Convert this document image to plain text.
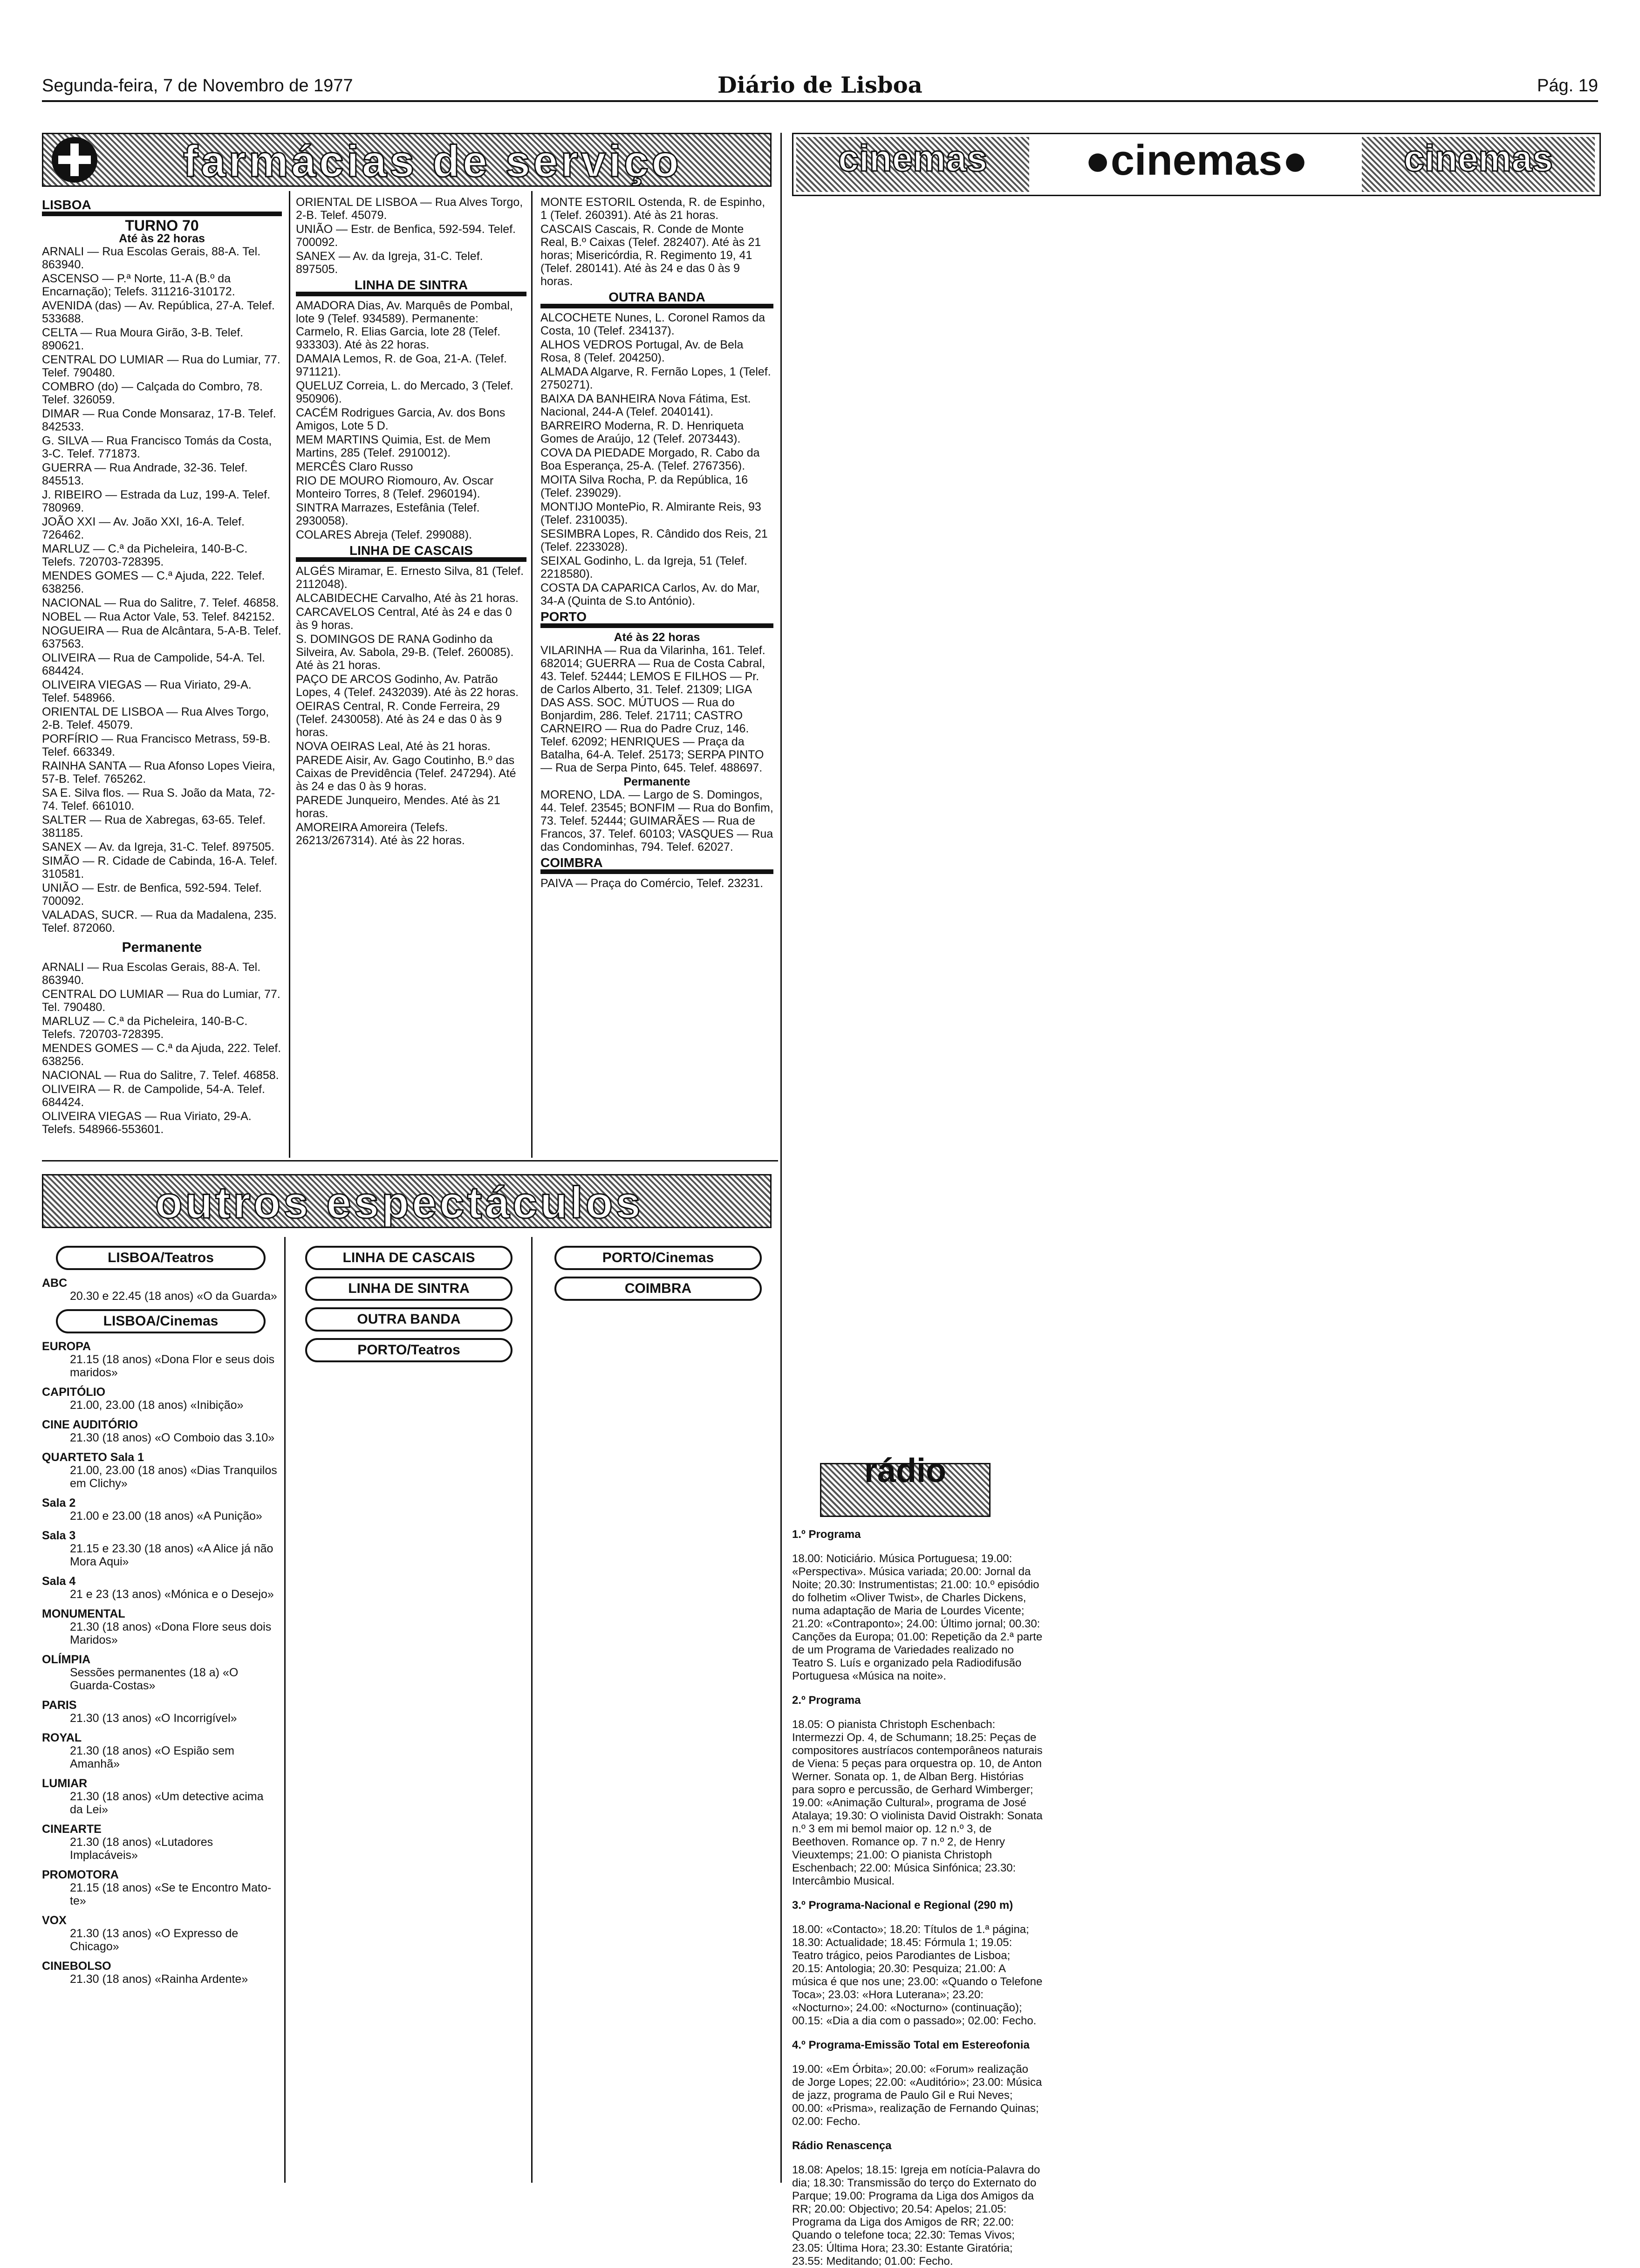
Segunda-feira, 7 de Novembro de 1977	Diário de Lisboa	Pág. 19
farmácias de serviço
LISBOA
TURNO 70
Até às 22 horas

ARNALI — Rua Escolas Gerais, 88-A. Tel. 863940.

ASCENSO — P.ª Norte, 11-A (B.º da Encarnação); Telefs. 311216-310172.

AVENIDA (das) — Av. República, 27-A. Telef. 533688.

CELTA — Rua Moura Girão, 3-B. Telef. 890621.

CENTRAL DO LUMIAR — Rua do Lumiar, 77. Telef. 790480.

COMBRO (do) — Calçada do Combro, 78. Telef. 326059.

DIMAR — Rua Conde Monsaraz, 17-B. Telef. 842533.

G. SILVA — Rua Francisco Tomás da Costa, 3-C. Telef. 771873.

GUERRA — Rua Andrade, 32-36. Telef. 845513.

J. RIBEIRO — Estrada da Luz, 199-A. Telef. 780969.

JOÃO XXI — Av. João XXI, 16-A. Telef. 726462.

MARLUZ — C.ª da Picheleira, 140-B-C. Telefs. 720703-728395.

MENDES GOMES — C.ª Ajuda, 222. Telef. 638256.

NACIONAL — Rua do Salitre, 7. Telef. 46858.

NOBEL — Rua Actor Vale, 53. Telef. 842152.

NOGUEIRA — Rua de Alcântara, 5-A-B. Telef. 637563.

OLIVEIRA — Rua de Campolide, 54-A. Tel. 684424.

OLIVEIRA VIEGAS — Rua Viriato, 29-A. Telef. 548966.

ORIENTAL DE LISBOA — Rua Alves Torgo, 2-B. Telef. 45079.

PORFÍRIO — Rua Francisco Metrass, 59-B. Telef. 663349.

RAINHA SANTA — Rua Afonso Lopes Vieira, 57-B. Telef. 765262.

SA E. Silva flos. — Rua S. João da Mata, 72-74. Telef. 661010.

SALTER — Rua de Xabregas, 63-65. Telef. 381185.

SANEX — Av. da Igreja, 31-C. Telef. 897505.

SIMÃO — R. Cidade de Cabinda, 16-A. Telef. 310581.

UNIÃO — Estr. de Benfica, 592-594. Telef. 700092.

VALADAS, SUCR. — Rua da Madalena, 235. Telef. 872060.

Permanente

ARNALI — Rua Escolas Gerais, 88-A. Tel. 863940.

CENTRAL DO LUMIAR — Rua do Lumiar, 77. Tel. 790480.

MARLUZ — C.ª da Picheleira, 140-B-C. Telefs. 720703-728395.

MENDES GOMES — C.ª da Ajuda, 222. Telef. 638256.

NACIONAL — Rua do Salitre, 7. Telef. 46858.

OLIVEIRA — R. de Campolide, 54-A. Telef. 684424.

OLIVEIRA VIEGAS — Rua Viriato, 29-A. Telefs. 548966-553601.

ORIENTAL DE LISBOA — Rua Alves Torgo, 2-B. Telef. 45079.

UNIÃO — Estr. de Benfica, 592-594. Telef. 700092.

SANEX — Av. da Igreja, 31-C. Telef. 897505.

LINHA DE SINTRA

AMADORA Dias, Av. Marquês de Pombal, lote 9 (Telef. 934589). Permanente: Carmelo, R. Elias Garcia, lote 28 (Telef. 933303). Até às 22 horas.

DAMAIA Lemos, R. de Goa, 21-A. (Telef. 971121).

QUELUZ Correia, L. do Mercado, 3 (Telef. 950906).

CACÉM Rodrigues Garcia, Av. dos Bons Amigos, Lote 5 D.

MEM MARTINS Quimia, Est. de Mem Martins, 285 (Telef. 2910012).

MERCÊS Claro Russo

RIO DE MOURO Riomouro, Av. Oscar Monteiro Torres, 8 (Telef. 2960194).

SINTRA Marrazes, Estefânia (Telef. 2930058).

COLARES Abreja (Telef. 299088).

LINHA DE CASCAIS

ALGÉS Miramar, E. Ernesto Silva, 81 (Telef. 2112048).

ALCABIDECHE Carvalho, Até às 21 horas.

CARCAVELOS Central, Até às 24 e das 0 às 9 horas.

S. DOMINGOS DE RANA Godinho da Silveira, Av. Sabola, 29-B. (Telef. 260085). Até às 21 horas.

PAÇO DE ARCOS Godinho, Av. Patrão Lopes, 4 (Telef. 2432039). Até às 22 horas.

OEIRAS Central, R. Conde Ferreira, 29 (Telef. 2430058). Até às 24 e das 0 às 9 horas.

NOVA OEIRAS Leal, Até às 21 horas.

PAREDE Aisir, Av. Gago Coutinho, B.º das Caixas de Previdência (Telef. 247294). Até às 24 e das 0 às 9 horas.

PAREDE Junqueiro, Mendes. Até às 21 horas.

AMOREIRA Amoreira (Telefs. 26213/267314). Até às 22 horas.

MONTE ESTORIL Ostenda, R. de Espinho, 1 (Telef. 260391). Até às 21 horas.

CASCAIS Cascais, R. Conde de Monte Real, B.º Caixas (Telef. 282407). Até às 21 horas; Misericórdia, R. Regimento 19, 41 (Telef. 280141). Até às 24 e das 0 às 9 horas.

OUTRA BANDA

ALCOCHETE Nunes, L. Coronel Ramos da Costa, 10 (Telef. 234137).

ALHOS VEDROS Portugal, Av. de Bela Rosa, 8 (Telef. 204250).

ALMADA Algarve, R. Fernão Lopes, 1 (Telef. 2750271).

BAIXA DA BANHEIRA Nova Fátima, Est. Nacional, 244-A (Telef. 2040141).

BARREIRO Moderna, R. D. Henriqueta Gomes de Araújo, 12 (Telef. 2073443).

COVA DA PIEDADE Morgado, R. Cabo da Boa Esperança, 25-A. (Telef. 2767356).

MOITA Silva Rocha, P. da República, 16 (Telef. 239029).

MONTIJO MontePio, R. Almirante Reis, 93 (Telef. 2310035).

SESIMBRA Lopes, R. Cândido dos Reis, 21 (Telef. 2233028).

SEIXAL Godinho, L. da Igreja, 51 (Telef. 2218580).

COSTA DA CAPARICA Carlos, Av. do Mar, 34-A (Quinta de S.to António).

PORTO
Até às 22 horas

VILARINHA — Rua da Vilarinha, 161. Telef. 682014; GUERRA — Rua de Costa Cabral, 43. Telef. 52444; LEMOS E FILHOS — Pr. de Carlos Alberto, 31. Telef. 21309; LIGA DAS ASS. SOC. MÚTUOS — Rua do Bonjardim, 286. Telef. 21711; CASTRO CARNEIRO — Rua do Padre Cruz, 146. Telef. 62092; HENRIQUES — Praça da Batalha, 64-A. Telef. 25173; SERPA PINTO — Rua de Serpa Pinto, 645. Telef. 488697.

Permanente

MORENO, LDA. — Largo de S. Domingos, 44. Telef. 23545; BONFIM — Rua do Bonfim, 73. Telef. 52444; GUIMARÃES — Rua de Francos, 37. Telef. 60103; VASQUES — Rua das Condominhas, 794. Telef. 62027.

COIMBRA

PAIVA — Praça do Comércio, Telef. 23231.

outros espectáculos
LISBOA/Teatros
ABC
20.30 e 22.45 (18 anos) «O da Guarda»
LISBOA/Cinemas
EUROPA
21.15 (18 anos) «Dona Flor e seus dois maridos»
CAPITÓLIO
21.00, 23.00 (18 anos) «Inibição»
CINE AUDITÓRIO
21.30 (18 anos) «O Comboio das 3.10»
QUARTETO Sala 1
21.00, 23.00 (18 anos) «Dias Tranquilos em Clichy»
Sala 2
21.00 e 23.00 (18 anos) «A Punição»
Sala 3
21.15 e 23.30 (18 anos) «A Alice já não Mora Aqui»
Sala 4
21 e 23 (13 anos) «Mónica e o Desejo»
MONUMENTAL
21.30 (18 anos) «Dona Flore seus dois Maridos»
OLÍMPIA
Sessões permanentes (18 a) «O Guarda-Costas»
PARIS
21.30 (13 anos) «O Incorrigível»
ROYAL
21.30 (18 anos) «O Espião sem Amanhã»
LUMIAR
21.30 (18 anos) «Um detective acima da Lei»
CINEARTE
21.30 (18 anos) «Lutadores Implacáveis»
PROMOTORA
21.15 (18 anos) «Se te Encontro Mato-te»
VOX
21.30 (13 anos) «O Expresso de Chicago»
CINEBOLSO
21.30 (18 anos) «Rainha Ardente»
LINHA DE CASCAIS
LINHA DE SINTRA
OUTRA BANDA
PORTO/Teatros
PORTO/Cinemas
COIMBRA
cinemas	●cinemas●	cinemas
rádio

1.º Programa

18.00: Noticiário. Música Portuguesa; 19.00: «Perspectiva». Música variada; 20.00: Jornal da Noite; 20.30: Instrumentistas; 21.00: 10.º episódio do folhetim «Oliver Twist», de Charles Dickens, numa adaptação de Maria de Lourdes Vicente; 21.20: «Contraponto»; 24.00: Último jornal; 00.30: Canções da Europa; 01.00: Repetição da 2.ª parte de um Programa de Variedades realizado no Teatro S. Luís e organizado pela Radiodifusão Portuguesa «Música na noite».

2.º Programa

18.05: O pianista Christoph Eschenbach: Intermezzi Op. 4, de Schumann; 18.25: Peças de compositores austríacos contemporâneos naturais de Viena: 5 peças para orquestra op. 10, de Anton Werner. Sonata op. 1, de Alban Berg. Histórias para sopro e percussão, de Gerhard Wimberger; 19.00: «Animação Cultural», programa de José Atalaya; 19.30: O violinista David Oistrakh: Sonata n.º 3 em mi bemol maior op. 12 n.º 3, de Beethoven. Romance op. 7 n.º 2, de Henry Vieuxtemps; 21.00: O pianista Christoph Eschenbach; 22.00: Música Sinfónica; 23.30: Intercâmbio Musical.

3.º Programa-Nacional e Regional (290 m)

18.00: «Contacto»; 18.20: Títulos de 1.ª página; 18.30: Actualidade; 18.45: Fórmula 1; 19.05: Teatro trágico, peios Parodiantes de Lisboa; 20.15: Antologia; 20.30: Pesquiza; 21.00: A música é que nos une; 23.00: «Quando o Telefone Toca»; 23.03: «Hora Luterana»; 23.20: «Nocturno»; 24.00: «Nocturno» (continuação); 00.15: «Dia a dia com o passado»; 02.00: Fecho.

4.º Programa-Emissão Total em Estereofonia

19.00: «Em Órbita»; 20.00: «Forum» realização de Jorge Lopes; 22.00: «Auditório»; 23.00: Música de jazz, programa de Paulo Gil e Rui Neves; 00.00: «Prisma», realização de Fernando Quinas; 02.00: Fecho.

Rádio Renascença

18.08: Apelos; 18.15: Igreja em notícia-Palavra do dia; 18.30: Transmissão do terço do Externato do Parque; 19.00: Programa da Liga dos Amigos da RR; 20.00: Objectivo; 20.54: Apelos; 21.05: Programa da Liga dos Amigos de RR; 22.00: Quando o telefone toca; 22.30: Temas Vivos; 23.05: Última Hora; 23.30: Estante Giratória; 23.55: Meditando; 01.00: Fecho.
